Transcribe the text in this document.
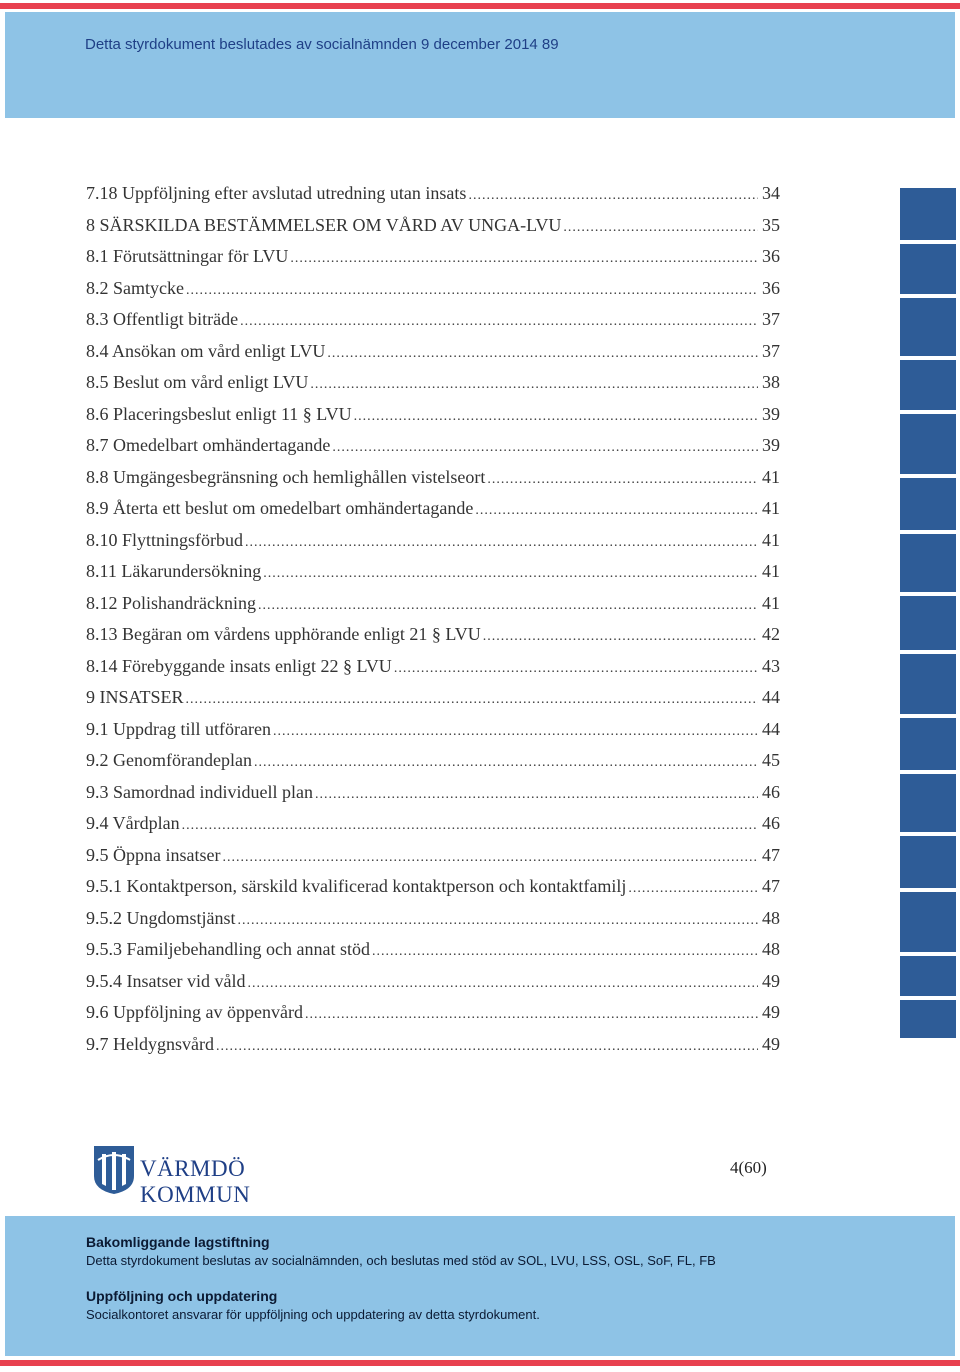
Detta styrdokument beslutades av socialnämnden 9 december 2014 89
7.18 Uppföljning efter avslutad utredning utan insats .....	34
8 SÄRSKILDA BESTÄMMELSER OM VÅRD AV UNGA-LVU .....	35
8.1 Förutsättningar för LVU .....	36
8.2 Samtycke .....	36
8.3 Offentligt biträde .....	37
8.4 Ansökan om vård enligt LVU .....	37
8.5 Beslut om vård enligt LVU .....	38
8.6 Placeringsbeslut enligt 11 § LVU .....	39
8.7 Omedelbart omhändertagande .....	39
8.8 Umgängesbegränsning och hemlighållen vistelseort .....	41
8.9 Återta ett beslut om omedelbart omhändertagande .....	41
8.10 Flyttningsförbud .....	41
8.11 Läkarundersökning .....	41
8.12 Polishandräckning .....	41
8.13 Begäran om vårdens upphörande enligt 21 § LVU .....	42
8.14 Förebyggande insats enligt 22 § LVU .....	43
9 INSATSER .....	44
9.1 Uppdrag till utföraren .....	44
9.2 Genomförandeplan .....	45
9.3 Samordnad individuell plan .....	46
9.4 Vårdplan .....	46
9.5 Öppna insatser .....	47
9.5.1 Kontaktperson, särskild kvalificerad kontaktperson och kontaktfamilj .....	47
9.5.2 Ungdomstjänst .....	48
9.5.3 Familjebehandling och annat stöd .....	48
9.5.4 Insatser vid våld .....	49
9.6 Uppföljning av öppenvård .....	49
9.7 Heldygnsvård .....	49
VÄRMDÖ KOMMUN
4(60)
Bakomliggande lagstiftning
Detta styrdokument beslutas av socialnämnden, och beslutas med stöd av SOL, LVU, LSS, OSL, SoF, FL, FB
Uppföljning och uppdatering
Socialkontoret ansvarar för uppföljning och uppdatering av detta styrdokument.
